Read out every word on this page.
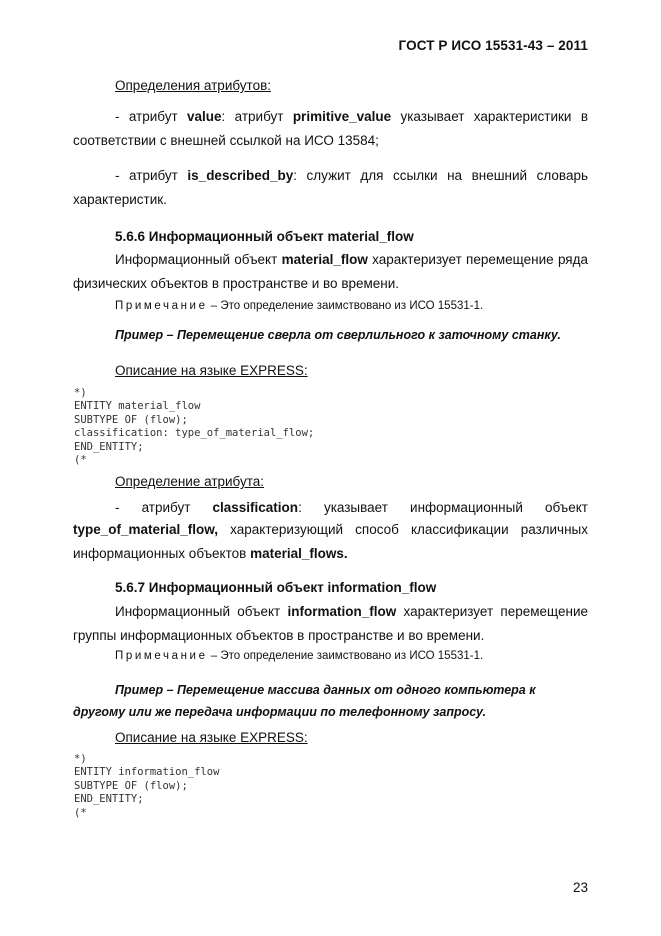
ГОСТ Р ИСО 15531-43 – 2011
Определения атрибутов:
- атрибут value: атрибут primitive_value указывает характеристики в соответствии с внешней ссылкой на ИСО 13584;
- атрибут is_described_by: служит для ссылки на внешний словарь характеристик.
5.6.6 Информационный объект material_flow
Информационный объект material_flow характеризует перемещение ряда физических объектов в пространстве и во времени.
Примечание – Это определение заимствовано из ИСО 15531-1.
Пример – Перемещение сверла от сверлильного к заточному станку.
Описание на языке EXPRESS:
*)
ENTITY material_flow
SUBTYPE OF (flow);
classification: type_of_material_flow;
END_ENTITY;
(*
Определение атрибута:
- атрибут classification: указывает информационный объект
type_of_material_flow, характеризующий способ классификации различных
информационных объектов material_flows.
5.6.7 Информационный объект information_flow
Информационный объект information_flow характеризует перемещение группы информационных объектов в пространстве и во времени.
Примечание – Это определение заимствовано из ИСО 15531-1.
Пример – Перемещение массива данных от одного компьютера к другому или же передача информации по телефонному запросу.
Описание на языке EXPRESS:
*)
ENTITY information_flow
SUBTYPE OF (flow);
END_ENTITY;
(*
23
